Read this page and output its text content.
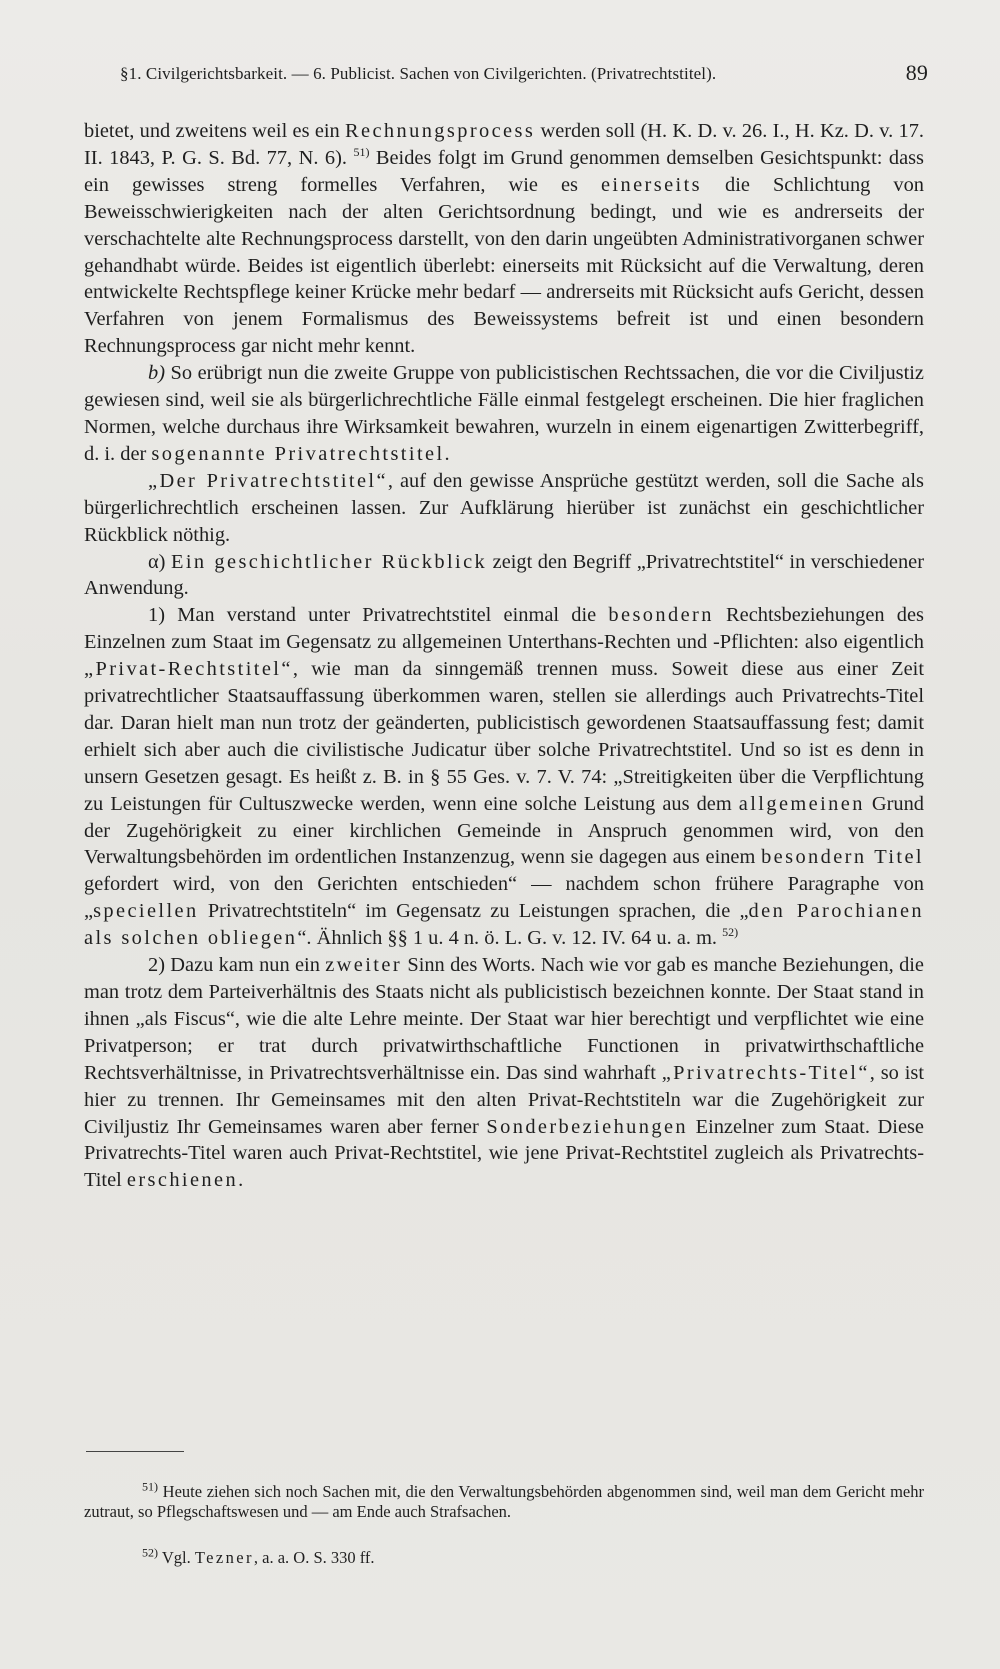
§1. Civilgerichtsbarkeit. — 6. Publicist. Sachen von Civilgerichten. (Privatrechtstitel).	89

bietet, und zweitens weil es ein Rechnungsprocess werden soll (H. K. D. v. 26. I., H. Kz. D. v. 17. II. 1843, P. G. S. Bd. 77, N. 6). $^{51)}$ Beides folgt im Grund genommen demselben Gesichtspunkt: dass ein gewisses streng formelles Verfahren, wie es einerseits die Schlichtung von Beweisschwierigkeiten nach der alten Gerichtsordnung bedingt, und wie es andrerseits der verschachtelte alte Rechnungsprocess darstellt, von den darin ungeübten Administrativorganen schwer gehandhabt würde. Beides ist eigentlich überlebt: einerseits mit Rücksicht auf die Verwaltung, deren entwickelte Rechtspflege keiner Krücke mehr bedarf — andrerseits mit Rücksicht aufs Gericht, dessen Verfahren von jenem Formalismus des Beweissystems befreit ist und einen besondern Rechnungsprocess gar nicht mehr kennt.

b) So erübrigt nun die zweite Gruppe von publicistischen Rechtssachen, die vor die Civiljustiz gewiesen sind, weil sie als bürgerlichrechtliche Fälle einmal festgelegt erscheinen. Die hier fraglichen Normen, welche durchaus ihre Wirksamkeit bewahren, wurzeln in einem eigenartigen Zwitterbegriff, d. i. der sogenannte Privatrechtstitel.

„Der Privatrechtstitel“, auf den gewisse Ansprüche gestützt werden, soll die Sache als bürgerlichrechtlich erscheinen lassen. Zur Aufklärung hierüber ist zunächst ein geschichtlicher Rückblick nöthig.

α) Ein geschichtlicher Rückblick zeigt den Begriff „Privatrechtstitel“ in verschiedener Anwendung.

1) Man verstand unter Privatrechtstitel einmal die besondern Rechtsbeziehungen des Einzelnen zum Staat im Gegensatz zu allgemeinen Unterthans-Rechten und -Pflichten: also eigentlich „Privat-Rechtstitel“, wie man da sinngemäß trennen muss. Soweit diese aus einer Zeit privatrechtlicher Staatsauffassung überkommen waren, stellen sie allerdings auch Privatrechts-Titel dar. Daran hielt man nun trotz der geänderten, publicistisch gewordenen Staatsauffassung fest; damit erhielt sich aber auch die civilistische Judicatur über solche Privatrechtstitel. Und so ist es denn in unsern Gesetzen gesagt. Es heißt z. B. in § 55 Ges. v. 7. V. 74: „Streitigkeiten über die Verpflichtung zu Leistungen für Cultuszwecke werden, wenn eine solche Leistung aus dem allgemeinen Grund der Zugehörigkeit zu einer kirchlichen Gemeinde in Anspruch genommen wird, von den Verwaltungsbehörden im ordentlichen Instanzenzug, wenn sie dagegen aus einem besondern Titel gefordert wird, von den Gerichten entschieden“ — nachdem schon frühere Paragraphe von „speciellen Privatrechtstiteln“ im Gegensatz zu Leistungen sprachen, die „den Parochianen als solchen obliegen“. Ähnlich §§ 1 u. 4 n. ö. L. G. v. 12. IV. 64 u. a. m. $^{52)}$

2) Dazu kam nun ein zweiter Sinn des Worts. Nach wie vor gab es manche Beziehungen, die man trotz dem Parteiverhältnis des Staats nicht als publicistisch bezeichnen konnte. Der Staat stand in ihnen „als Fiscus“, wie die alte Lehre meinte. Der Staat war hier berechtigt und verpflichtet wie eine Privatperson; er trat durch privatwirthschaftliche Functionen in privatwirthschaftliche Rechtsverhältnisse, in Privatrechtsverhältnisse ein. Das sind wahrhaft „Privatrechts-Titel“, so ist hier zu trennen. Ihr Gemeinsames mit den alten Privat-Rechtstiteln war die Zugehörigkeit zur Civiljustiz Ihr Gemeinsames waren aber ferner Sonderbeziehungen Einzelner zum Staat. Diese Privatrechts-Titel waren auch Privat-Rechtstitel, wie jene Privat-Rechtstitel zugleich als Privatrechts-Titel erschienen.

$^{51)}$ Heute ziehen sich noch Sachen mit, die den Verwaltungsbehörden abgenommen sind, weil man dem Gericht mehr zutraut, so Pflegschaftswesen und — am Ende auch Strafsachen.

$^{52)}$ Vgl. Tezner, a. a. O. S. 330 ff.
